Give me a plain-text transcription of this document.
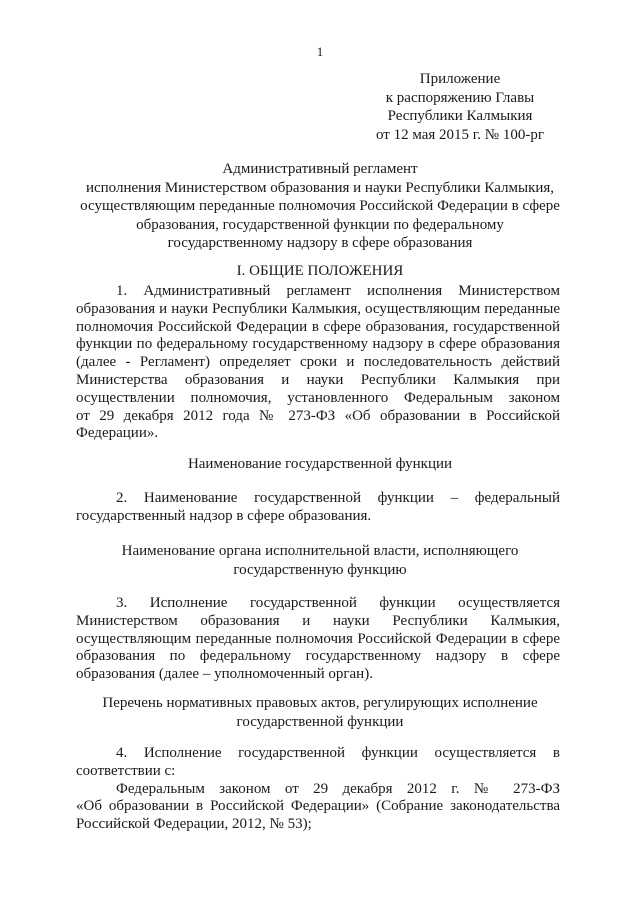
1
Приложение
к распоряжению Главы
Республики Калмыкия
от 12 мая 2015 г. № 100-рг
Административный регламент
исполнения Министерством образования и науки Республики Калмыкия,
осуществляющим переданные полномочия Российской Федерации в сфере
образования, государственной функции по федеральному
государственному надзору в сфере образования
I. ОБЩИЕ ПОЛОЖЕНИЯ
1. Административный регламент исполнения Министерством
образования и науки Республики Калмыкия, осуществляющим переданные
полномочия Российской Федерации в сфере образования, государственной
функции по федеральному государственному надзору в сфере образования
(далее - Регламент) определяет сроки и последовательность действий
Министерства образования и науки Республики Калмыкия при
осуществлении полномочия, установленного Федеральным законом
от 29 декабря 2012 года № 273-ФЗ «Об образовании в Российской
Федерации».
Наименование государственной функции
2. Наименование государственной функции – федеральный
государственный надзор в сфере образования.
Наименование органа исполнительной власти, исполняющего
государственную функцию
3. Исполнение государственной функции осуществляется
Министерством образования и науки Республики Калмыкия,
осуществляющим переданные полномочия Российской Федерации в сфере
образования по федеральному государственному надзору в сфере
образования (далее – уполномоченный орган).
Перечень нормативных правовых актов, регулирующих исполнение
государственной функции
4. Исполнение государственной функции осуществляется в
соответствии с:
Федеральным законом от 29 декабря 2012 г. № 273-ФЗ
«Об образовании в Российской Федерации» (Собрание законодательства
Российской Федерации, 2012, № 53);
